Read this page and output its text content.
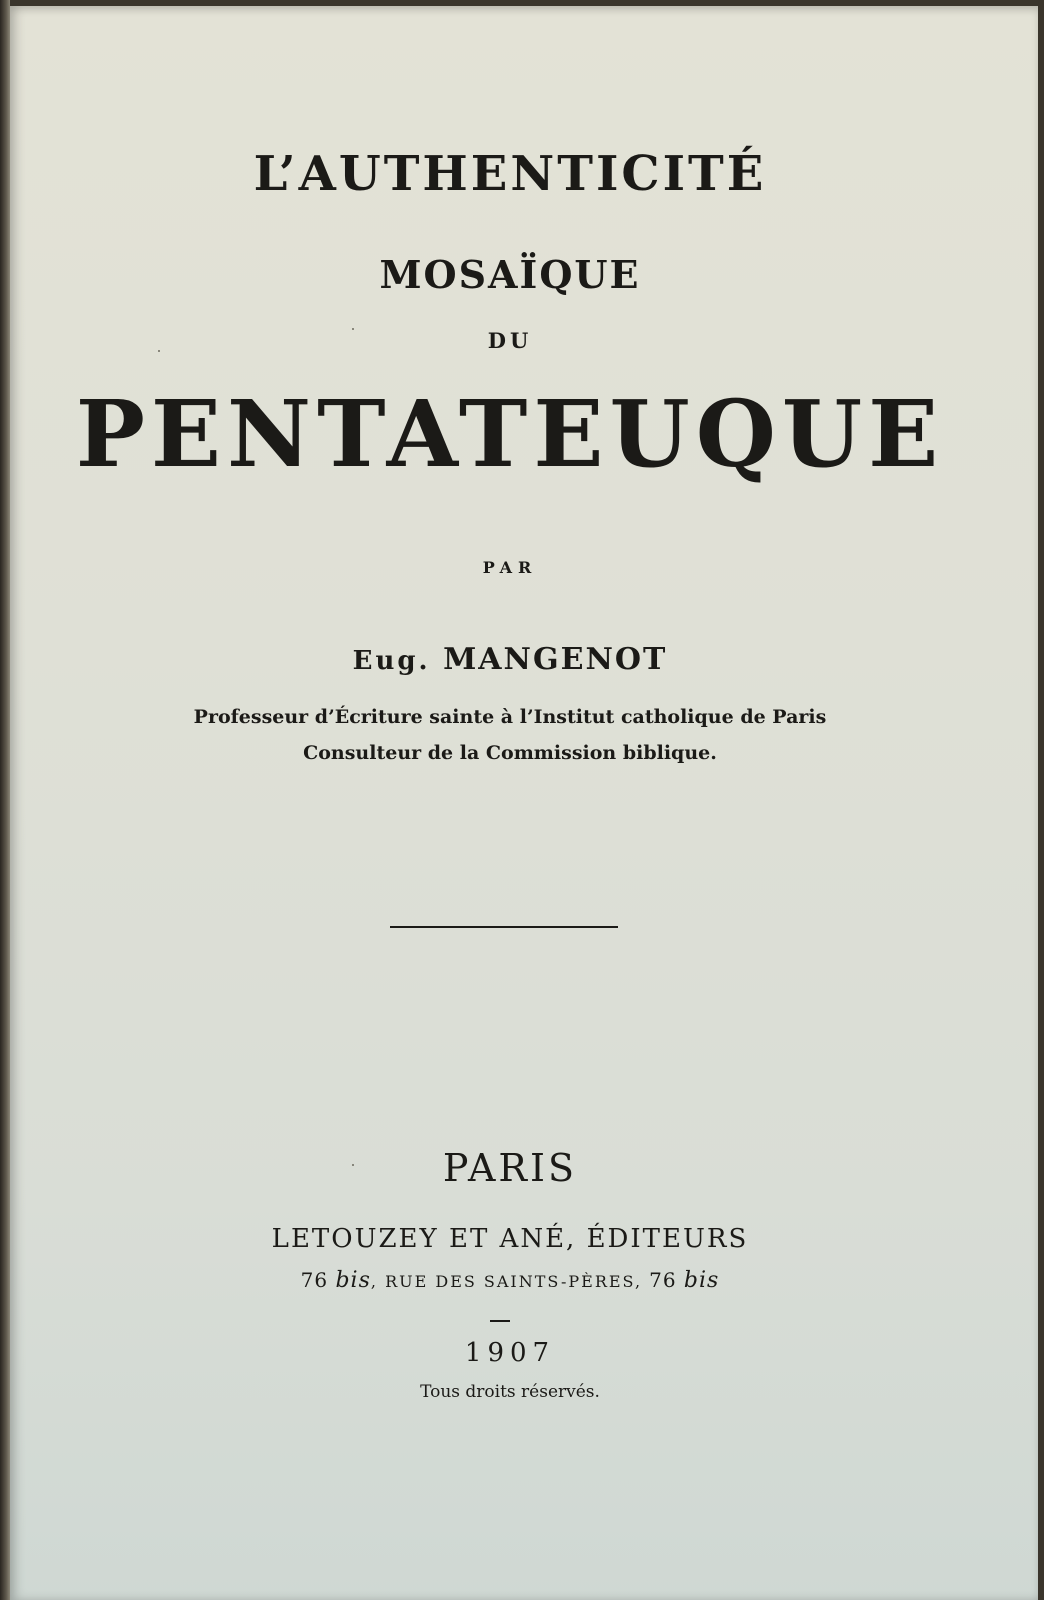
L’AUTHENTICITÉ
MOSAÏQUE
DU
PENTATEUQUE
PAR
Eug. MANGENOT
Professeur d’Écriture sainte à l’Institut catholique de Paris
Consulteur de la Commission biblique.
PARIS
LETOUZEY ET ANÉ, ÉDITEURS
76 bis, RUE DES SAINTS-PÈRES, 76 bis
1907
Tous droits réservés.
